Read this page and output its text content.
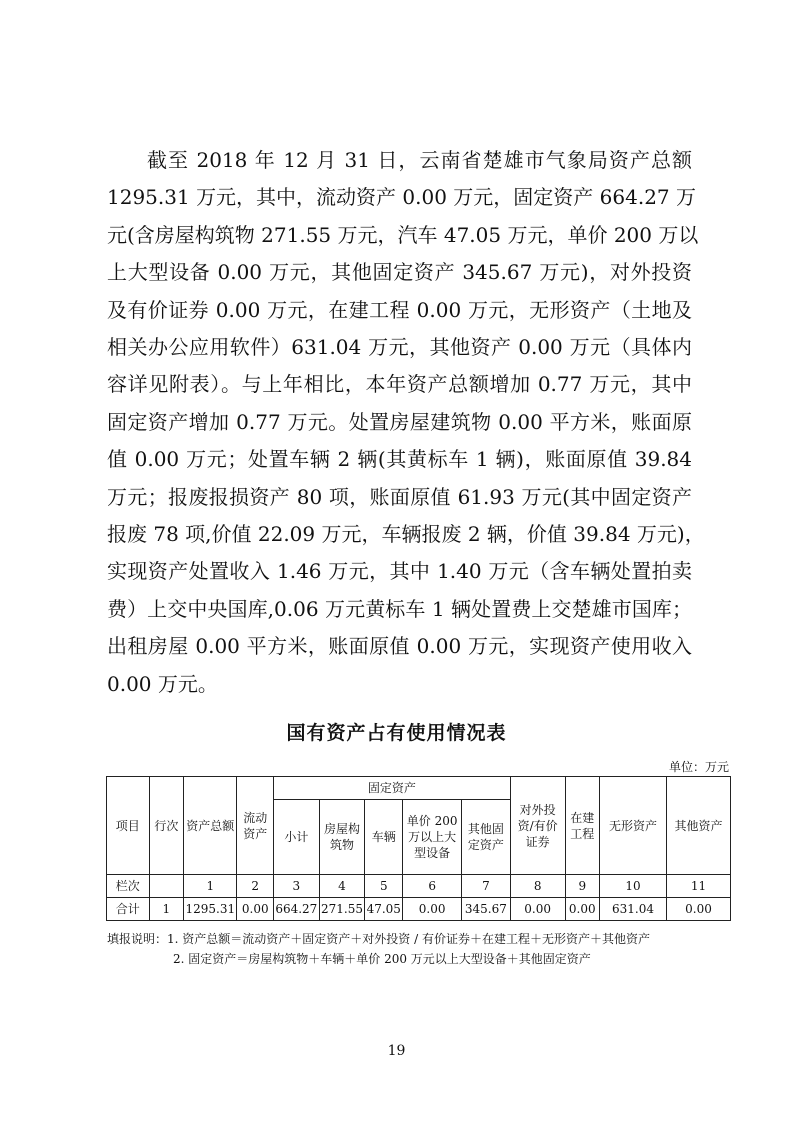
截至 2018 年 12 月 31 日，云南省楚雄市气象局资产总额
1295.31 万元，其中，流动资产 0.00 万元，固定资产 664.27 万
元(含房屋构筑物 271.55 万元，汽车 47.05 万元，单价 200 万以
上大型设备 0.00 万元，其他固定资产 345.67 万元)，对外投资
及有价证券 0.00 万元，在建工程 0.00 万元，无形资产（土地及
相关办公应用软件）631.04 万元，其他资产 0.00 万元（具体内
容详见附表）。与上年相比，本年资产总额增加 0.77 万元，其中
固定资产增加 0.77 万元。处置房屋建筑物 0.00 平方米，账面原
值 0.00 万元；处置车辆 2 辆(其黄标车 1 辆)，账面原值 39.84
万元；报废报损资产 80 项，账面原值 61.93 万元(其中固定资产
报废 78 项,价值 22.09 万元，车辆报废 2 辆，价值 39.84 万元)，
实现资产处置收入 1.46 万元，其中 1.40 万元（含车辆处置拍卖
费）上交中央国库,0.06 万元黄标车 1 辆处置费上交楚雄市国库；
出租房屋 0.00 平方米，账面原值 0.00 万元，实现资产使用收入
0.00 万元。
国有资产占有使用情况表
单位：万元
项目	行次	资产总额	流动资产	固定资产					对外投资/有价证券	在建工程	无形资产	其他资产
				小计	房屋构筑物	车辆	单价 200 万以上大型设备	其他固定资产				
栏次		1	2	3	4	5	6	7	8	9	10	11
合计	1	1295.31	0.00	664.27	271.55	47.05	0.00	345.67	0.00	0.00	631.04	0.00
填报说明：1. 资产总额＝流动资产＋固定资产＋对外投资 / 有价证券＋在建工程＋无形资产＋其他资产
2. 固定资产＝房屋构筑物＋车辆＋单价 200 万元以上大型设备＋其他固定资产
19
